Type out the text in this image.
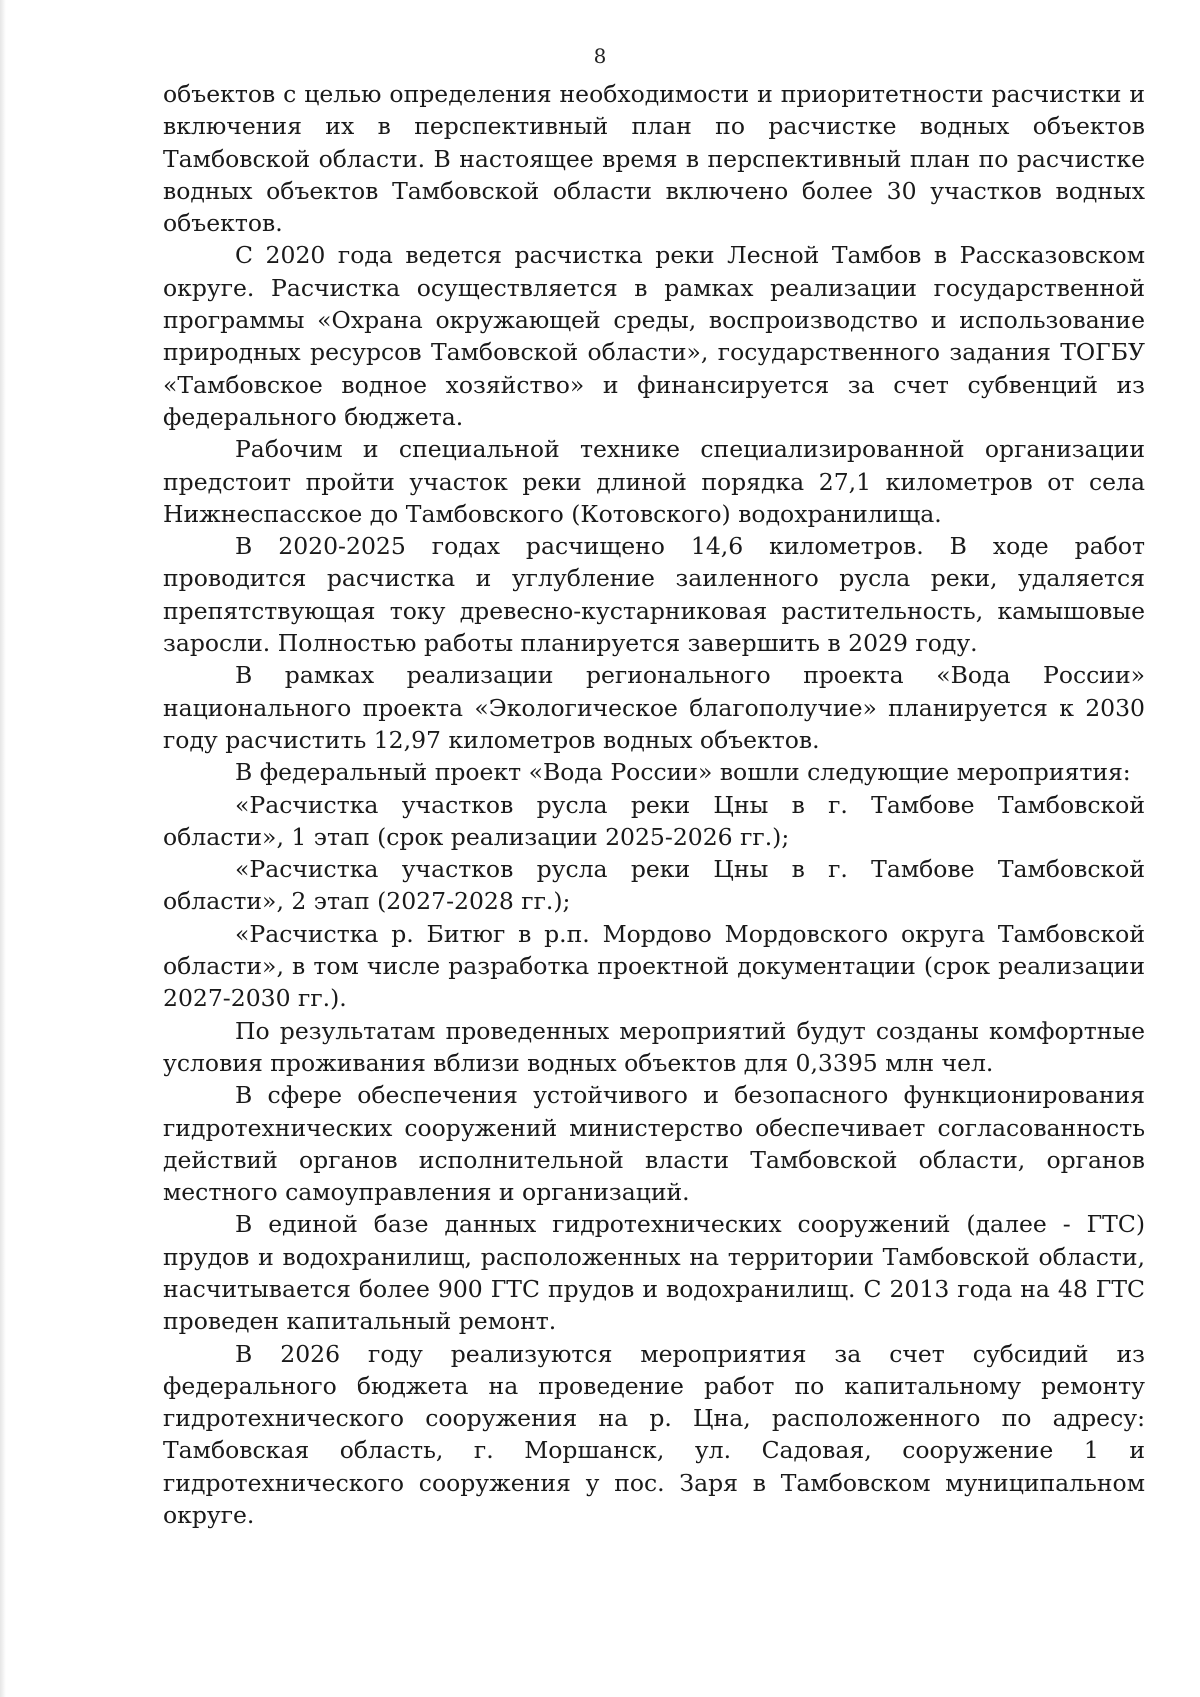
8

объектов с целью определения необходимости и приоритетности расчистки и включения их в перспективный план по расчистке водных объектов Тамбовской области. В настоящее время в перспективный план по расчистке водных объектов Тамбовской области включено более 30 участков водных объектов.

С 2020 года ведется расчистка реки Лесной Тамбов в Рассказовском округе. Расчистка осуществляется в рамках реализации государственной программы «Охрана окружающей среды, воспроизводство и использование природных ресурсов Тамбовской области», государственного задания ТОГБУ «Тамбовское водное хозяйство» и финансируется за счет субвенций из федерального бюджета.

Рабочим и специальной технике специализированной организации предстоит пройти участок реки длиной порядка 27,1 километров от села Нижнеспасское до Тамбовского (Котовского) водохранилища.

В 2020-2025 годах расчищено 14,6 километров. В ходе работ проводится расчистка и углубление заиленного русла реки, удаляется препятствующая току древесно-кустарниковая растительность, камышовые заросли. Полностью работы планируется завершить в 2029 году.

В рамках реализации регионального проекта «Вода России» национального проекта «Экологическое благополучие» планируется к 2030 году расчистить 12,97 километров водных объектов.

В федеральный проект «Вода России» вошли следующие мероприятия:

«Расчистка участков русла реки Цны в г. Тамбове Тамбовской области», 1 этап (срок реализации 2025-2026 гг.);

«Расчистка участков русла реки Цны в г. Тамбове Тамбовской области», 2 этап (2027-2028 гг.);

«Расчистка р. Битюг в р.п. Мордово Мордовского округа Тамбовской области», в том числе разработка проектной документации (срок реализации 2027-2030 гг.).

По результатам проведенных мероприятий будут созданы комфортные условия проживания вблизи водных объектов для 0,3395 млн чел.

В сфере обеспечения устойчивого и безопасного функционирования гидротехнических сооружений министерство обеспечивает согласованность действий органов исполнительной власти Тамбовской области, органов местного самоуправления и организаций.

В единой базе данных гидротехнических сооружений (далее - ГТС) прудов и водохранилищ, расположенных на территории Тамбовской области, насчитывается более 900 ГТС прудов и водохранилищ. С 2013 года на 48 ГТС проведен капитальный ремонт.

В 2026 году реализуются мероприятия за счет субсидий из федерального бюджета на проведение работ по капитальному ремонту гидротехнического сооружения на р. Цна, расположенного по адресу: Тамбовская область, г. Моршанск, ул. Садовая, сооружение 1 и гидротехнического сооружения у пос. Заря в Тамбовском муниципальном округе.
